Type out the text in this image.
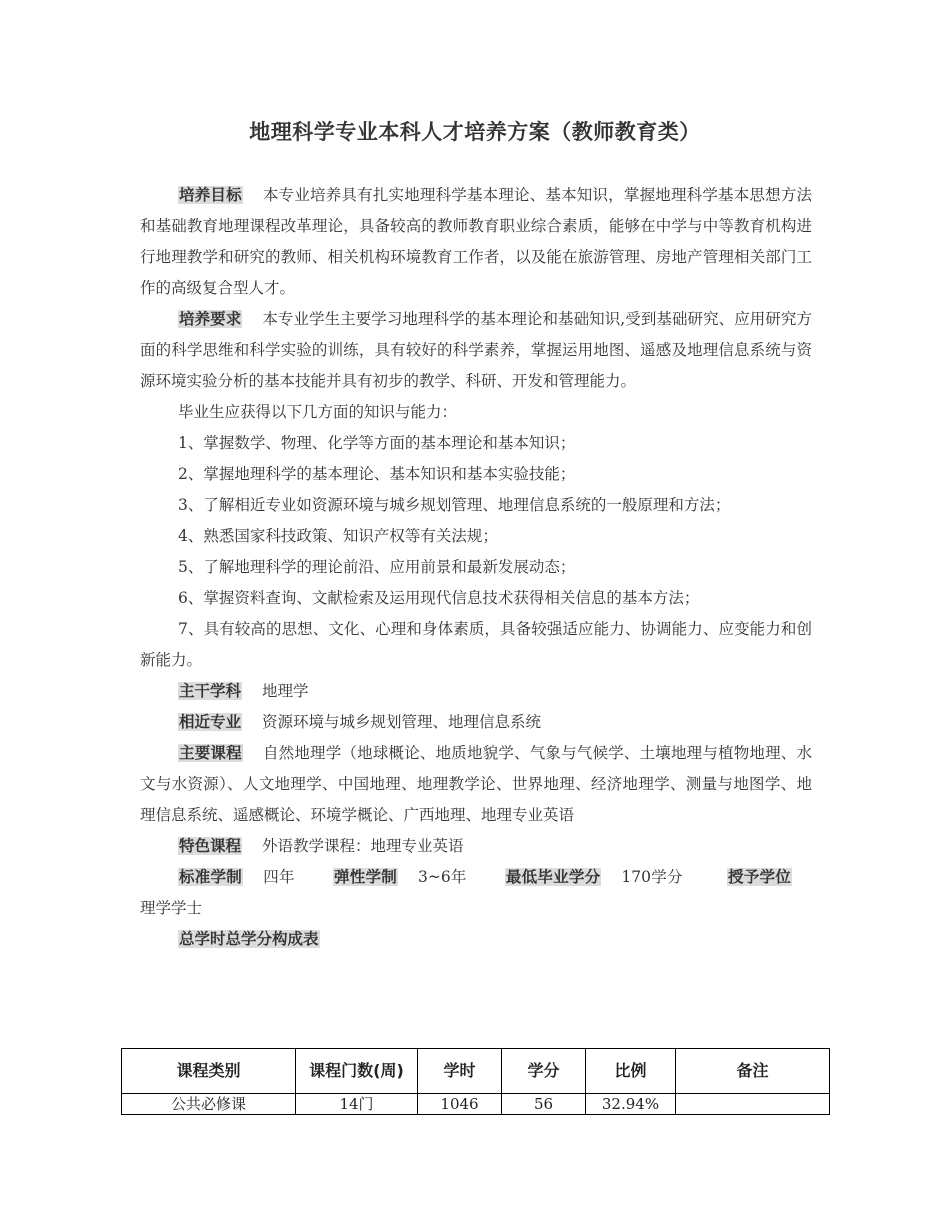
地理科学专业本科人才培养方案（教师教育类）

培养目标 本专业培养具有扎实地理科学基本理论、基本知识，掌握地理科学基本思想方法和基础教育地理课程改革理论，具备较高的教师教育职业综合素质，能够在中学与中等教育机构进行地理教学和研究的教师、相关机构环境教育工作者，以及能在旅游管理、房地产管理相关部门工作的高级复合型人才。

培养要求 本专业学生主要学习地理科学的基本理论和基础知识,受到基础研究、应用研究方面的科学思维和科学实验的训练，具有较好的科学素养，掌握运用地图、遥感及地理信息系统与资源环境实验分析的基本技能并具有初步的教学、科研、开发和管理能力。

毕业生应获得以下几方面的知识与能力：

1、掌握数学、物理、化学等方面的基本理论和基本知识；

2、掌握地理科学的基本理论、基本知识和基本实验技能；

3、了解相近专业如资源环境与城乡规划管理、地理信息系统的一般原理和方法；

4、熟悉国家科技政策、知识产权等有关法规；

5、了解地理科学的理论前沿、应用前景和最新发展动态；

6、掌握资料查询、文献检索及运用现代信息技术获得相关信息的基本方法；

7、具有较高的思想、文化、心理和身体素质，具备较强适应能力、协调能力、应变能力和创新能力。

主干学科 地理学

相近专业 资源环境与城乡规划管理、地理信息系统

主要课程 自然地理学（地球概论、地质地貌学、气象与气候学、土壤地理与植物地理、水文与水资源）、人文地理学、中国地理、地理教学论、世界地理、经济地理学、测量与地图学、地理信息系统、遥感概论、环境学概论、广西地理、地理专业英语

特色课程 外语教学课程：地理专业英语

标准学制 四年	弹性学制 3~6年	最低毕业学分 170学分	授予学位理学学士

总学时总学分构成表

课程类别	课程门数(周)	学时	学分	比例	备注
公共必修课	14门	1046	56	32.94%	
